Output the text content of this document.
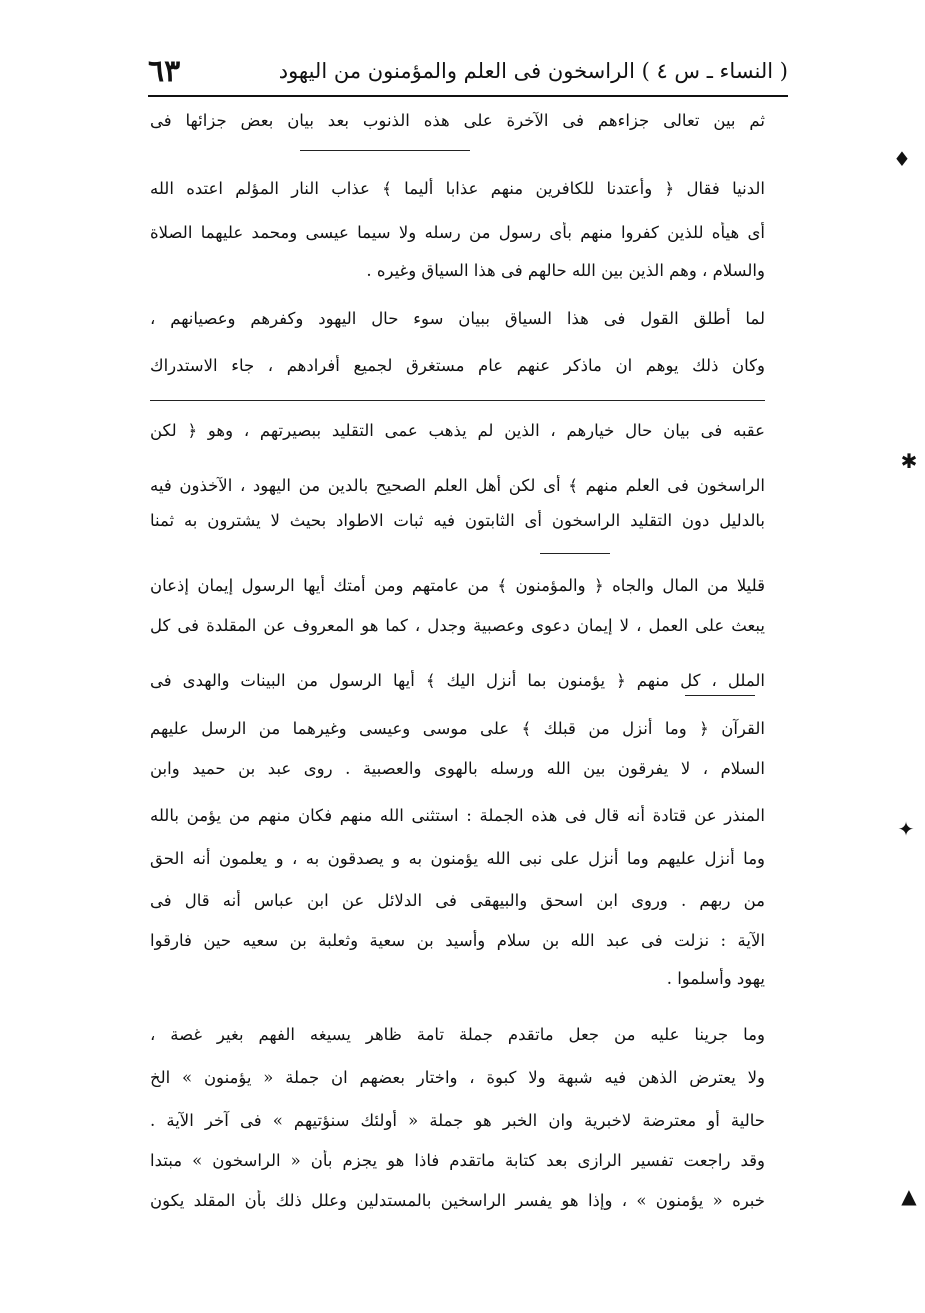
( النساء ـ س ٤ ) الراسخون فى العلم والمؤمنون من اليهود
٦٣
ثم بين تعالى جزاءهم فى الآخرة على هذه الذنوب بعد بيان بعض جزائها فى
الدنيا فقال ﴿ وأعتدنا للكافرين منهم عذابا أليما ﴾ عذاب النار المؤلم اعتده الله
أى هيأه للذين كفروا منهم بأى رسول من رسله ولا سيما عيسى ومحمد عليهما الصلاة
والسلام ، وهم الذين بين الله حالهم فى هذا السياق وغيره .
لما أطلق القول فى هذا السياق ببيان سوء حال اليهود وكفرهم وعصيانهم ،
وكان ذلك يوهم ان ماذكر عنهم عام مستغرق لجميع أفرادهم ، جاء الاستدراك
عقبه فى بيان حال خيارهم ، الذين لم يذهب عمى التقليد ببصيرتهم ، وهو ﴿ لكن
الراسخون فى العلم منهم ﴾ أى لكن أهل العلم الصحيح بالدين من اليهود ، الآخذون فيه
بالدليل دون التقليد الراسخون أى الثابتون فيه ثبات الاطواد بحيث لا يشترون به ثمنا
قليلا من المال والجاه ﴿ والمؤمنون ﴾ من عامتهم ومن أمتك أيها الرسول إيمان إذعان
يبعث على العمل ، لا إيمان دعوى وعصبية وجدل ، كما هو المعروف عن المقلدة فى كل
الملل ، كل منهم ﴿ يؤمنون بما أنزل اليك ﴾ أيها الرسول من البينات والهدى فى
القرآن ﴿ وما أنزل من قبلك ﴾ على موسى وعيسى وغيرهما من الرسل عليهم
السلام ، لا يفرقون بين الله ورسله بالهوى والعصبية . روى عبد بن حميد وابن
المنذر عن قتادة أنه قال فى هذه الجملة : استثنى الله منهم فكان منهم من يؤمن بالله
وما أنزل عليهم وما أنزل على نبى الله يؤمنون به و يصدقون به ، و يعلمون أنه الحق
من ربهم . وروى ابن اسحق والبيهقى فى الدلائل عن ابن عباس أنه قال فى
الآية : نزلت فى عبد الله بن سلام وأسيد بن سعية وثعلبة بن سعيه حين فارقوا
يهود وأسلموا .
وما جرينا عليه من جعل ماتقدم جملة تامة ظاهر يسيغه الفهم بغير غصة ،
ولا يعترض الذهن فيه شبهة ولا كبوة ، واختار بعضهم ان جملة « يؤمنون » الخ
حالية أو معترضة لاخبرية وان الخبر هو جملة « أولئك سنؤتيهم » فى آخر الآية .
وقد راجعت تفسير الرازى بعد كتابة ماتقدم فاذا هو يجزم بأن « الراسخون » مبتدا
خبره « يؤمنون » ، وإذا هو يفسر الراسخين بالمستدلين وعلل ذلك بأن المقلد يكون
♦
✱
✦
▲
